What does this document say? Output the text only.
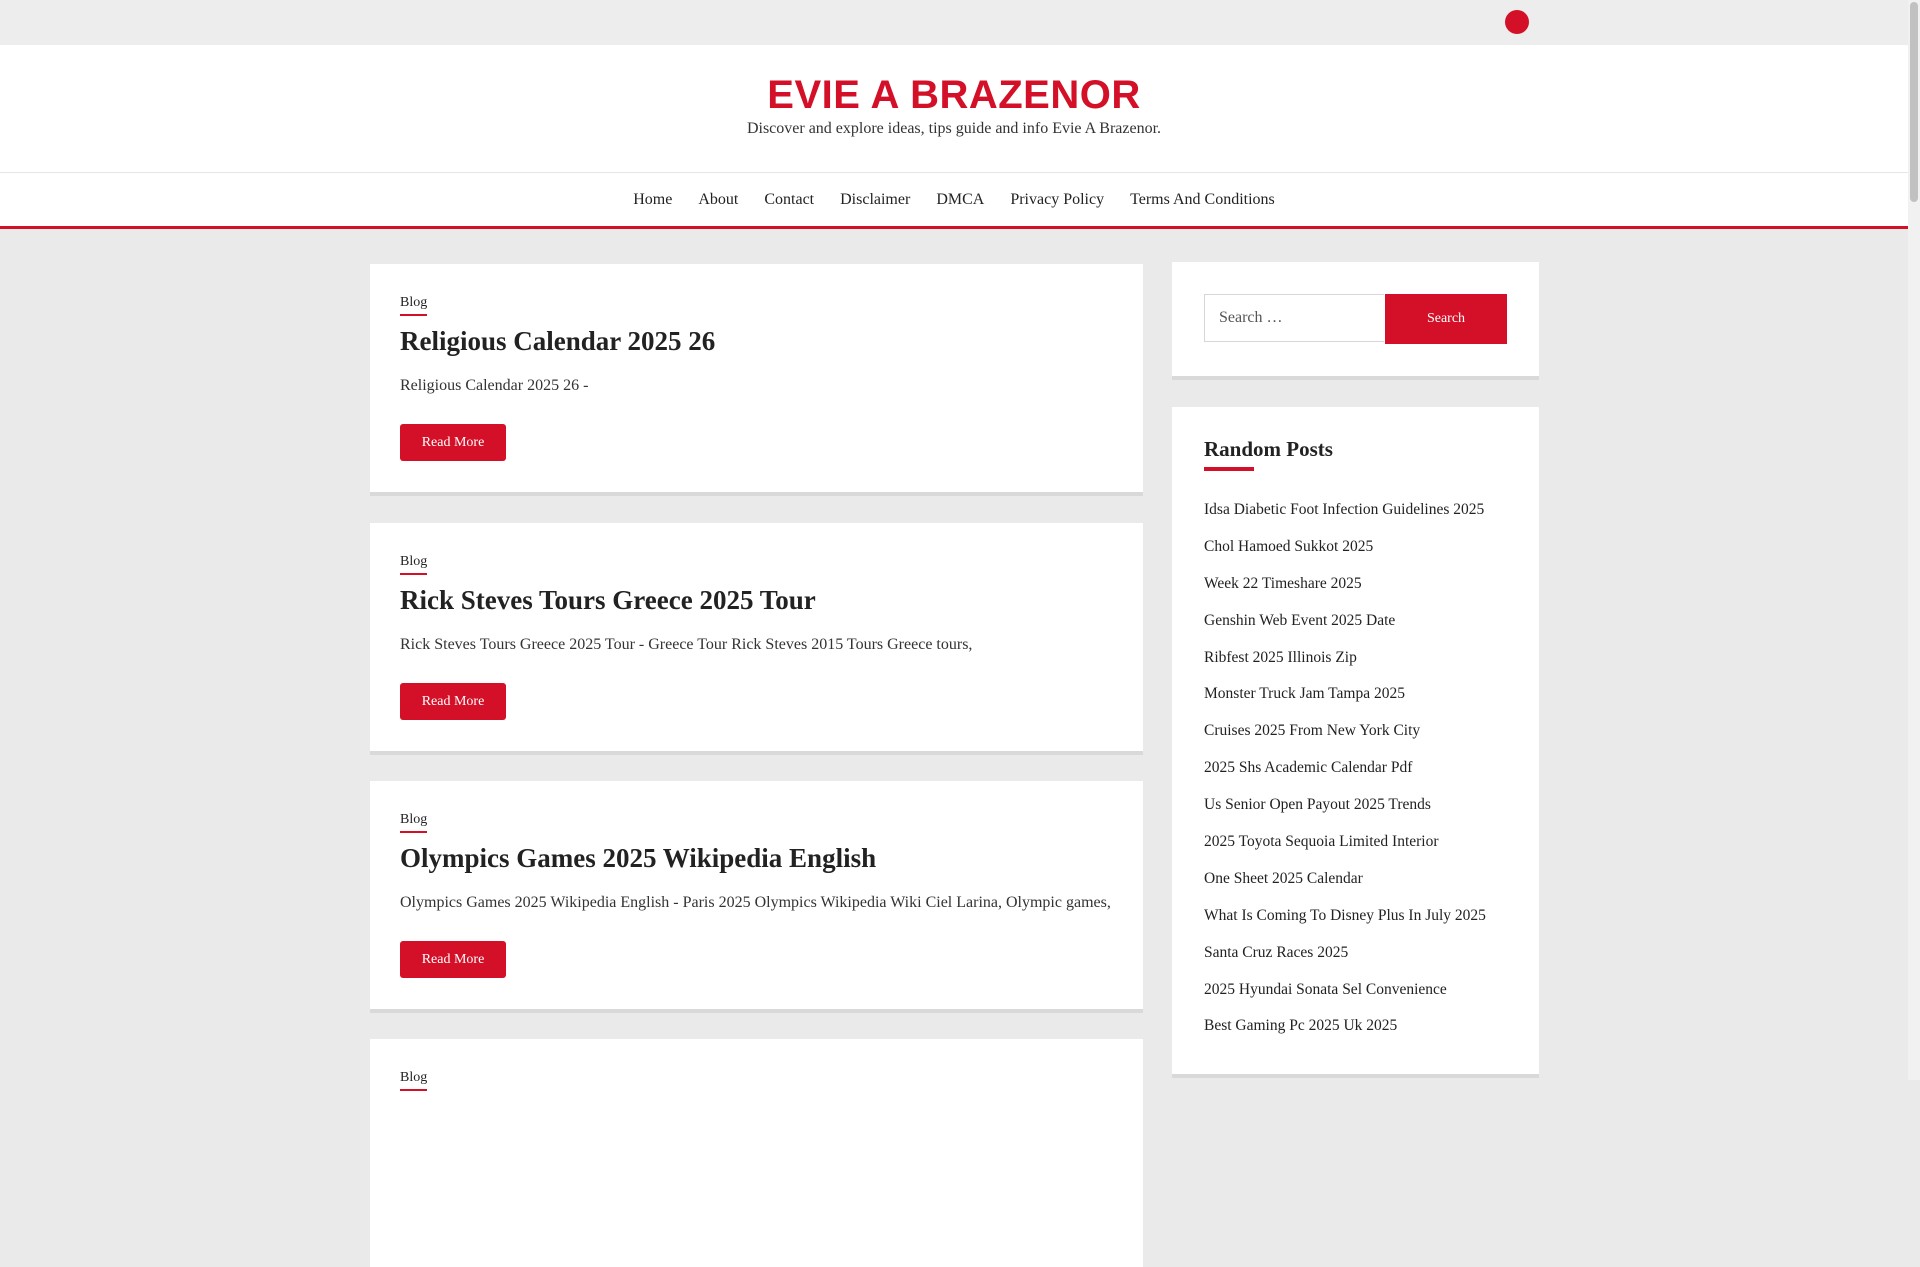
EVIE A BRAZENOR
Discover and explore ideas, tips guide and info Evie A Brazenor.
Home About Contact Disclaimer DMCA Privacy Policy Terms And Conditions
Blog
Religious Calendar 2025 26
Religious Calendar 2025 26 -
Read More
Blog
Rick Steves Tours Greece 2025 Tour
Rick Steves Tours Greece 2025 Tour - Greece Tour Rick Steves 2015 Tours Greece tours,
Read More
Blog
Olympics Games 2025 Wikipedia English
Olympics Games 2025 Wikipedia English - Paris 2025 Olympics Wikipedia Wiki Ciel Larina, Olympic games,
Read More
Blog
Search …	Search
Random Posts
Idsa Diabetic Foot Infection Guidelines 2025
Chol Hamoed Sukkot 2025
Week 22 Timeshare 2025
Genshin Web Event 2025 Date
Ribfest 2025 Illinois Zip
Monster Truck Jam Tampa 2025
Cruises 2025 From New York City
2025 Shs Academic Calendar Pdf
Us Senior Open Payout 2025 Trends
2025 Toyota Sequoia Limited Interior
One Sheet 2025 Calendar
What Is Coming To Disney Plus In July 2025
Santa Cruz Races 2025
2025 Hyundai Sonata Sel Convenience
Best Gaming Pc 2025 Uk 2025
